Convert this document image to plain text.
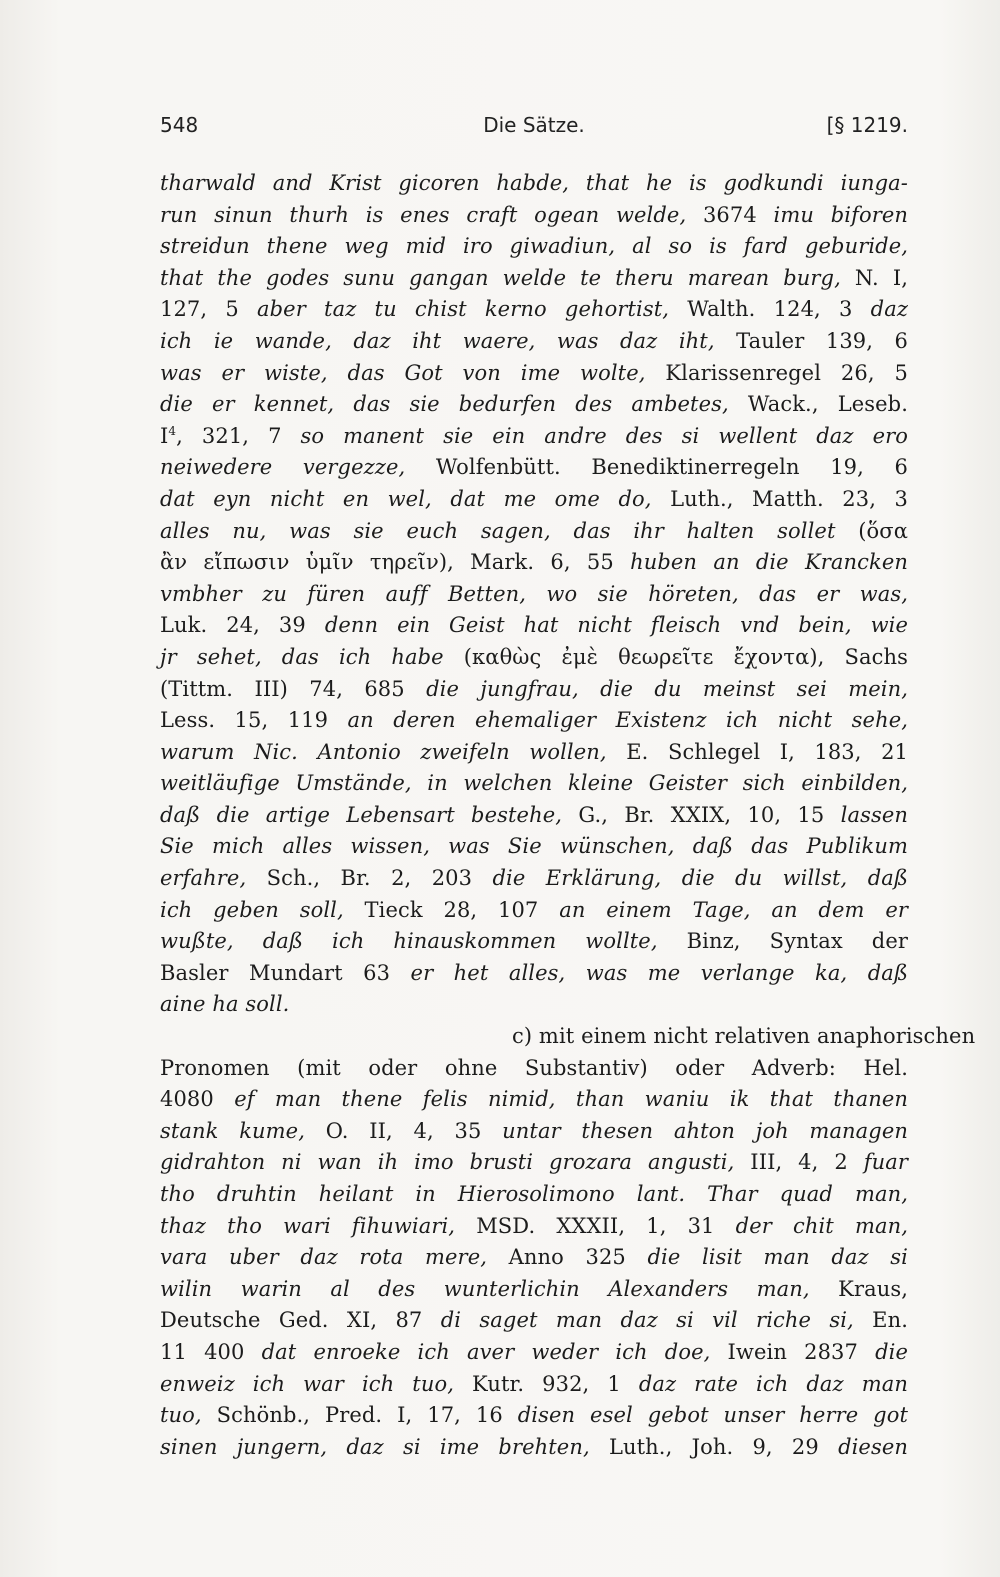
548	Die Sätze.	[§ 1219.
tharwald and Krist gicoren habde, that he is godkundi iunga-
run sinun thurh is enes craft ogean welde, 3674 imu biforen
streidun thene weg mid iro giwadiun, al so is fard geburide,
that the godes sunu gangan welde te theru marean burg, N. I,
127, 5 aber taz tu chist kerno gehortist, Walth. 124, 3 daz
ich ie wande, daz iht waere, was daz iht, Tauler 139, 6
was er wiste, das Got von ime wolte, Klarissenregel 26, 5
die er kennet, das sie bedurfen des ambetes, Wack., Leseb.
$I^4$, 321, 7 so manent sie ein andre des si wellent daz ero
neiwedere vergezze, Wolfenbütt. Benediktinerregeln 19, 6
dat eyn nicht en wel, dat me ome do, Luth., Matth. 23, 3
alles nu, was sie euch sagen, das ihr halten sollet (ὅσα
ἂν εἴπωσιν ὑμῖν τηρεῖν), Mark. 6, 55 huben an die Krancken
vmbher zu füren auff Betten, wo sie höreten, das er was,
Luk. 24, 39 denn ein Geist hat nicht fleisch vnd bein, wie
jr sehet, das ich habe (καθὼς ἐμὲ θεωρεῖτε ἔχοντα), Sachs
(Tittm. III) 74, 685 die jungfrau, die du meinst sei mein,
Less. 15, 119 an deren ehemaliger Existenz ich nicht sehe,
warum Nic. Antonio zweifeln wollen, E. Schlegel I, 183, 21
weitläufige Umstände, in welchen kleine Geister sich einbilden,
daß die artige Lebensart bestehe, G., Br. XXIX, 10, 15 lassen
Sie mich alles wissen, was Sie wünschen, daß das Publikum
erfahre, Sch., Br. 2, 203 die Erklärung, die du willst, daß
ich geben soll, Tieck 28, 107 an einem Tage, an dem er
wußte, daß ich hinauskommen wollte, Binz, Syntax der
Basler Mundart 63 er het alles, was me verlange ka, daß
aine ha soll.
c) mit einem nicht relativen anaphorischen
Pronomen (mit oder ohne Substantiv) oder Adverb: Hel.
4080 ef man thene felis nimid, than waniu ik that thanen
stank kume, O. II, 4, 35 untar thesen ahton joh managen
gidrahton ni wan ih imo brusti grozara angusti, III, 4, 2 fuar
tho druhtin heilant in Hierosolimono lant. Thar quad man,
thaz tho wari fihuwiari, MSD. XXXII, 1, 31 der chit man,
vara uber daz rota mere, Anno 325 die lisit man daz si
wilin warin al des wunterlichin Alexanders man, Kraus,
Deutsche Ged. XI, 87 di saget man daz si vil riche si, En.
11 400 dat enroeke ich aver weder ich doe, Iwein 2837 die
enweiz ich war ich tuo, Kutr. 932, 1 daz rate ich daz man
tuo, Schönb., Pred. I, 17, 16 disen esel gebot unser herre got
sinen jungern, daz si ime brehten, Luth., Joh. 9, 29 diesen
